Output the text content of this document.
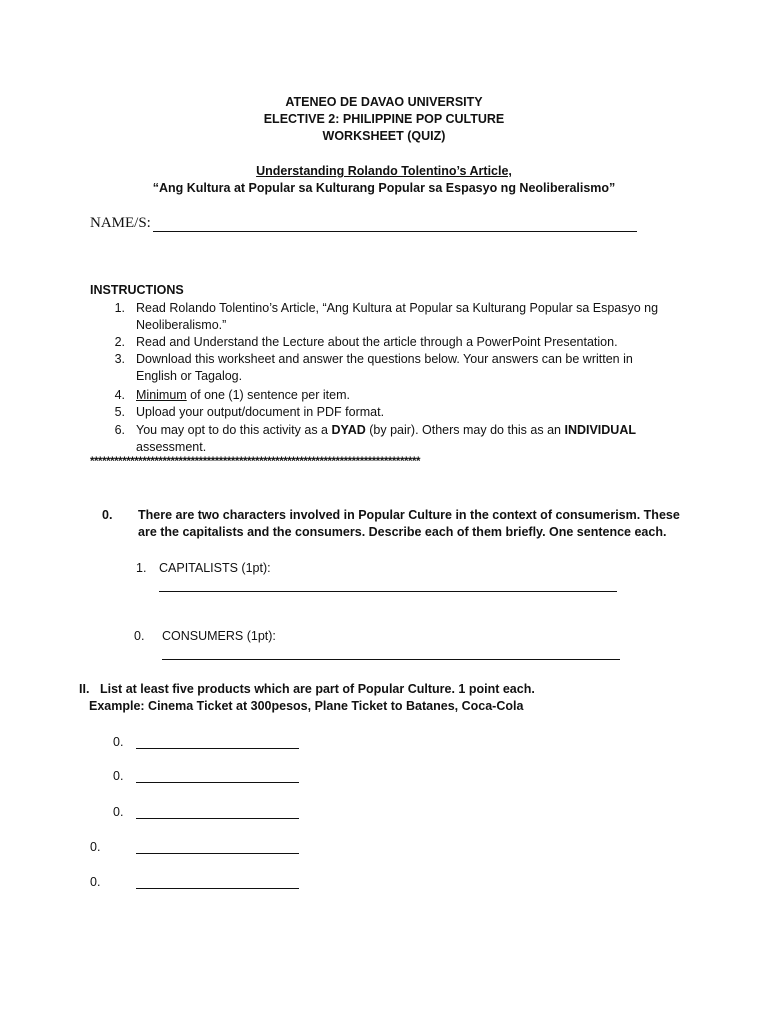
ATENEO DE DAVAO UNIVERSITY
ELECTIVE 2: PHILIPPINE POP CULTURE
WORKSHEET (QUIZ)
Understanding Rolando Tolentino’s Article,
“Ang Kultura at Popular sa Kulturang Popular sa Espasyo ng Neoliberalismo”
NAME/S:
INSTRUCTIONS
1. Read Rolando Tolentino’s Article, “Ang Kultura at Popular sa Kulturang Popular sa Espasyo ng
Neoliberalismo.”
2. Read and Understand the Lecture about the article through a PowerPoint Presentation.
3. Download this worksheet and answer the questions below. Your answers can be written in
English or Tagalog.
4. Minimum of one (1) sentence per item.
5. Upload your output/document in PDF format.
6. You may opt to do this activity as a DYAD (by pair). Others may do this as an INDIVIDUAL
assessment.
**********************************************************************************
0. There are two characters involved in Popular Culture in the context of consumerism. These
are the capitalists and the consumers. Describe each of them briefly. One sentence each.
1. CAPITALISTS (1pt):
0. CONSUMERS (1pt):
II. List at least five products which are part of Popular Culture. 1 point each.
Example: Cinema Ticket at 300pesos, Plane Ticket to Batanes, Coca-Cola
0.
0.
0.
0.
0.
